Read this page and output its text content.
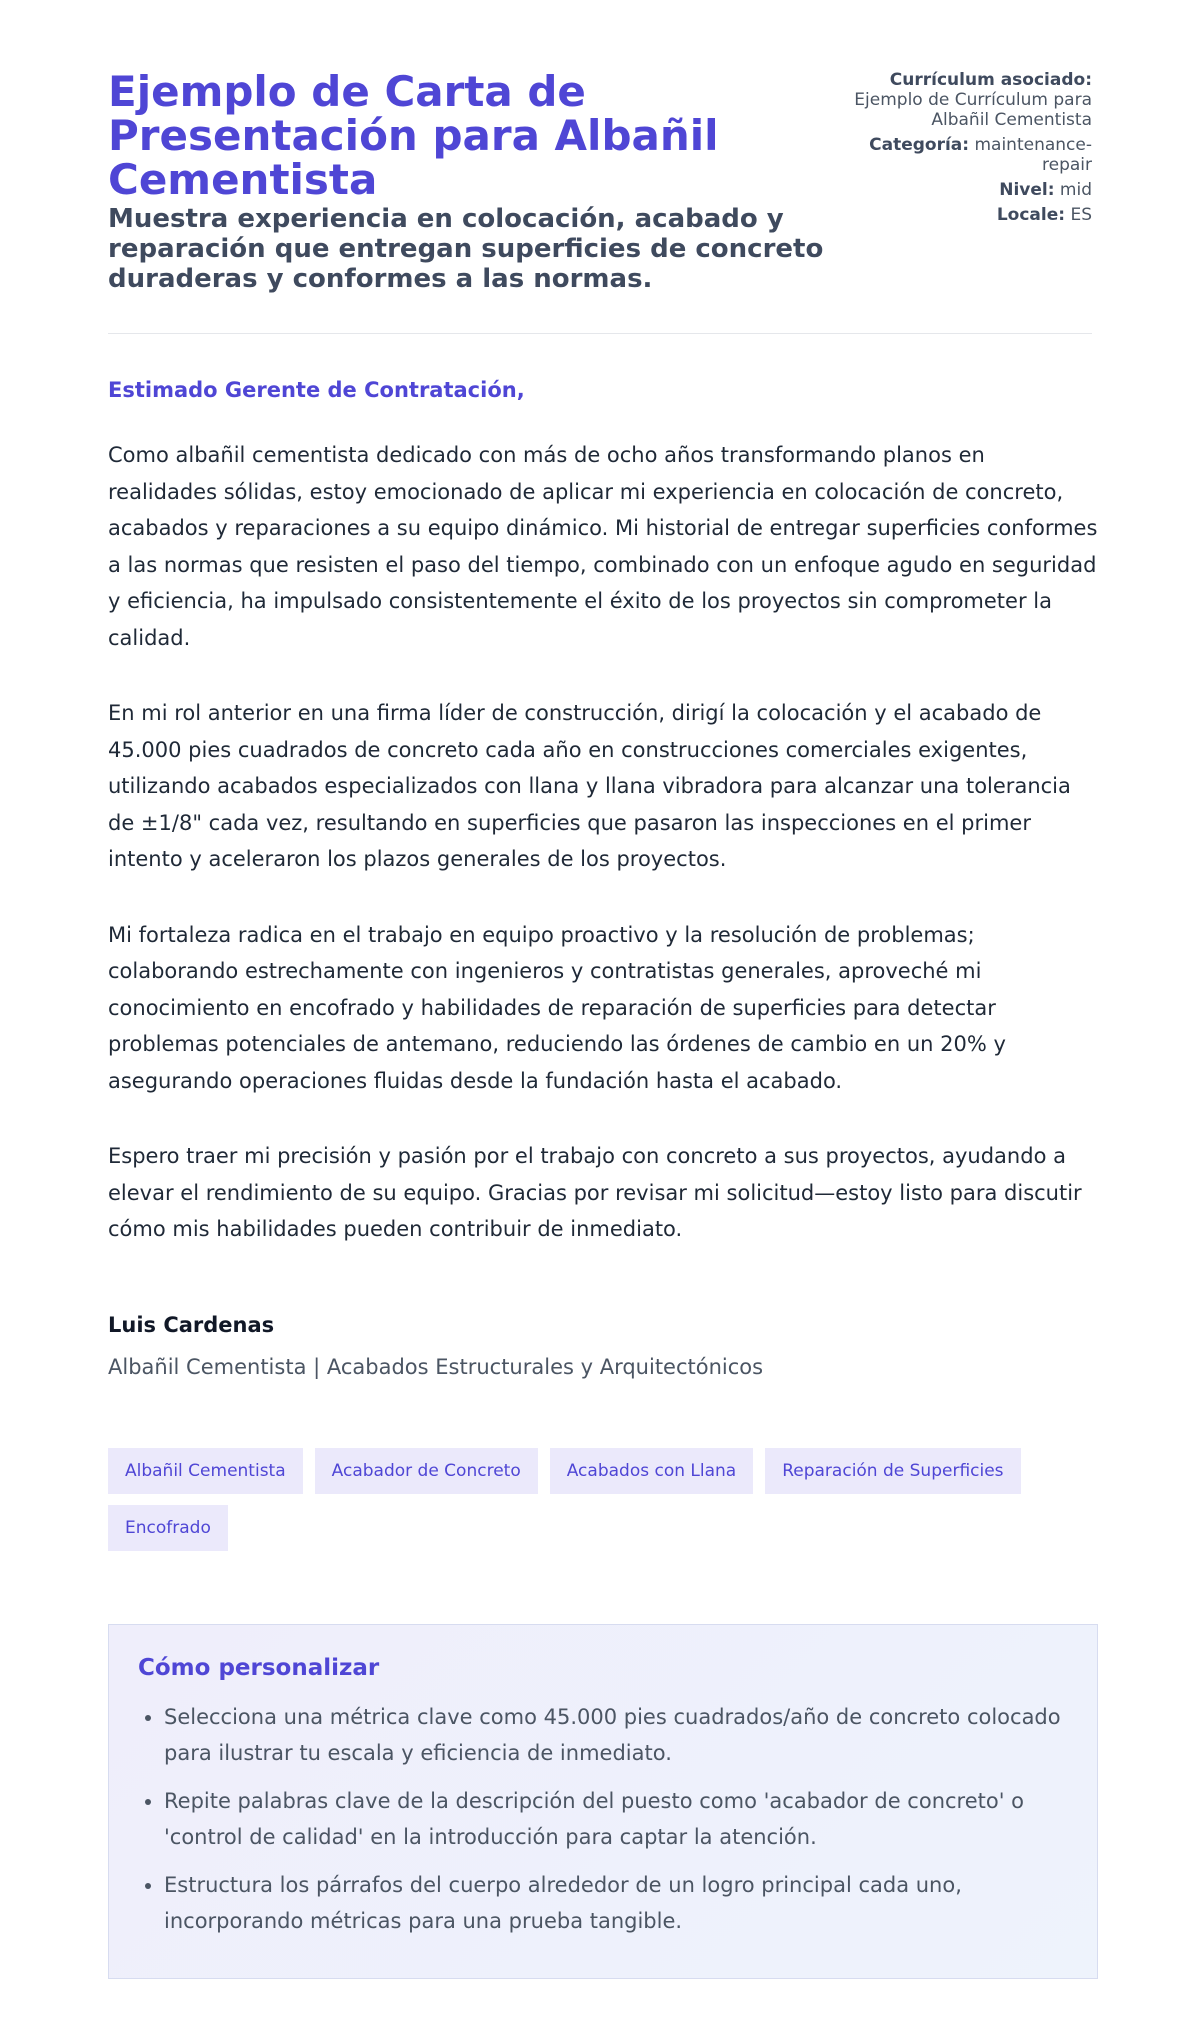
Ejemplo de Carta de Presentación para Albañil Cementista
Muestra experiencia en colocación, acabado y reparación que entregan superficies de concreto duraderas y conformes a las normas.
Currículum asociado:
Ejemplo de Currículum para Albañil Cementista
Categoría: maintenance-repair
Nivel: mid
Locale: ES

Estimado Gerente de Contratación,

Como albañil cementista dedicado con más de ocho años transformando planos en realidades sólidas, estoy emocionado de aplicar mi experiencia en colocación de concreto, acabados y reparaciones a su equipo dinámico. Mi historial de entregar superficies conformes a las normas que resisten el paso del tiempo, combinado con un enfoque agudo en seguridad y eficiencia, ha impulsado consistentemente el éxito de los proyectos sin comprometer la calidad.

En mi rol anterior en una firma líder de construcción, dirigí la colocación y el acabado de 45.000 pies cuadrados de concreto cada año en construcciones comerciales exigentes, utilizando acabados especializados con llana y llana vibradora para alcanzar una tolerancia de ±1/8" cada vez, resultando en superficies que pasaron las inspecciones en el primer intento y aceleraron los plazos generales de los proyectos.

Mi fortaleza radica en el trabajo en equipo proactivo y la resolución de problemas; colaborando estrechamente con ingenieros y contratistas generales, aproveché mi conocimiento en encofrado y habilidades de reparación de superficies para detectar problemas potenciales de antemano, reduciendo las órdenes de cambio en un 20% y asegurando operaciones fluidas desde la fundación hasta el acabado.

Espero traer mi precisión y pasión por el trabajo con concreto a sus proyectos, ayudando a elevar el rendimiento de su equipo. Gracias por revisar mi solicitud—estoy listo para discutir cómo mis habilidades pueden contribuir de inmediato.

Luis Cardenas

Albañil Cementista | Acabados Estructurales y Arquitectónicos

Albañil Cementista	Acabador de Concreto	Acabados con Llana	Reparación de Superficies
Encofrado
Cómo personalizar
• Selecciona una métrica clave como 45.000 pies cuadrados/año de concreto colocado para ilustrar tu escala y eficiencia de inmediato.
• Repite palabras clave de la descripción del puesto como 'acabador de concreto' o 'control de calidad' en la introducción para captar la atención.
• Estructura los párrafos del cuerpo alrededor de un logro principal cada uno, incorporando métricas para una prueba tangible.
